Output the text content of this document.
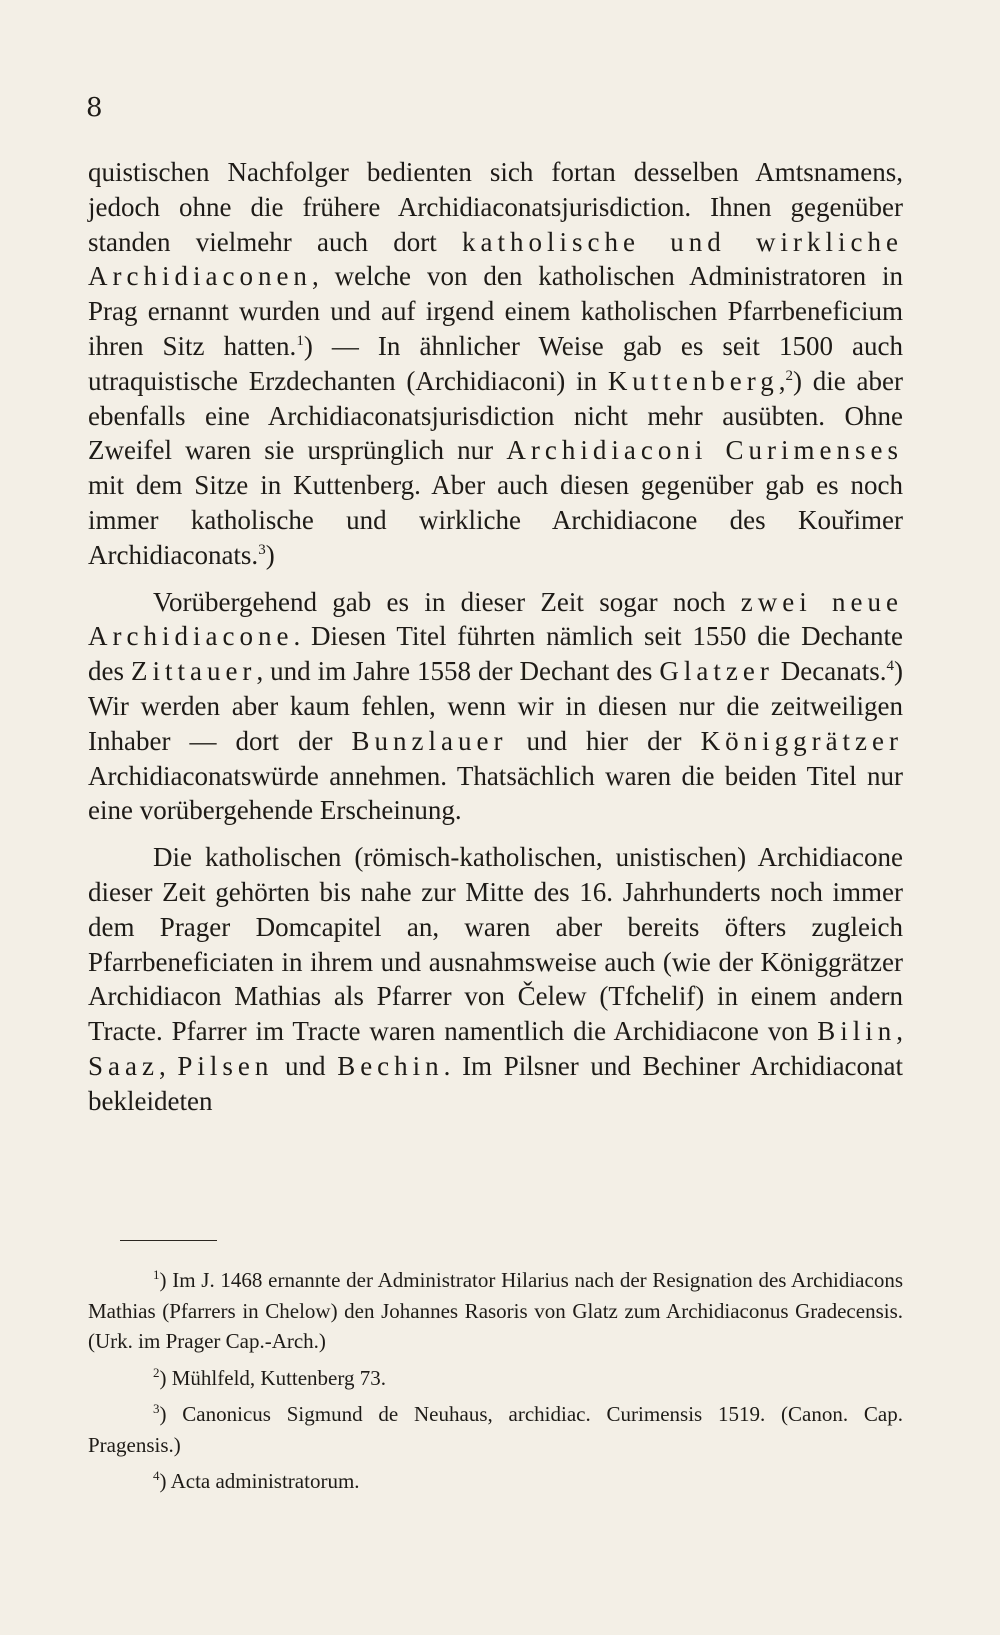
8

quistischen Nachfolger bedienten sich fortan desselben Amtsnamens, jedoch ohne die frühere Archidiaconatsjurisdiction. Ihnen gegenüber standen vielmehr auch dort katholische und wirkliche Archidiaconen, welche von den katholischen Administratoren in Prag ernannt wurden und auf irgend einem katholischen Pfarrbeneficium ihren Sitz hatten.$^1$) — In ähnlicher Weise gab es seit 1500 auch utraquistische Erzdechanten (Archidiaconi) in Kuttenberg,$^2$) die aber ebenfalls eine Archidiaconatsjurisdiction nicht mehr ausübten. Ohne Zweifel waren sie ursprünglich nur Archidiaconi Curimenses mit dem Sitze in Kuttenberg. Aber auch diesen gegenüber gab es noch immer katholische und wirkliche Archidiacone des Kouřimer Archidiaconats.$^3$)

Vorübergehend gab es in dieser Zeit sogar noch zwei neue Archidiacone. Diesen Titel führten nämlich seit 1550 die Dechante des Zittauer, und im Jahre 1558 der Dechant des Glatzer Decanats.$^4$) Wir werden aber kaum fehlen, wenn wir in diesen nur die zeitweiligen Inhaber — dort der Bunzlauer und hier der Königgrätzer Archidiaconatswürde annehmen. Thatsächlich waren die beiden Titel nur eine vorübergehende Erscheinung.

Die katholischen (römisch-katholischen, unistischen) Archidiacone dieser Zeit gehörten bis nahe zur Mitte des 16. Jahrhunderts noch immer dem Prager Domcapitel an, waren aber bereits öfters zugleich Pfarrbeneficiaten in ihrem und ausnahmsweise auch (wie der Königgrätzer Archidiacon Mathias als Pfarrer von Čelew (Tfchelif) in einem andern Tracte. Pfarrer im Tracte waren namentlich die Archidiacone von Bilin, Saaz, Pilsen und Bechin. Im Pilsner und Bechiner Archidiaconat bekleideten

$^1$) Im J. 1468 ernannte der Administrator Hilarius nach der Resignation des Archidiacons Mathias (Pfarrers in Chelow) den Johannes Rasoris von Glatz zum Archidiaconus Gradecensis. (Urk. im Prager Cap.-Arch.)

$^2$) Mühlfeld, Kuttenberg 73.

$^3$) Canonicus Sigmund de Neuhaus, archidiac. Curimensis 1519. (Canon. Cap. Pragensis.)

$^4$) Acta administratorum.
